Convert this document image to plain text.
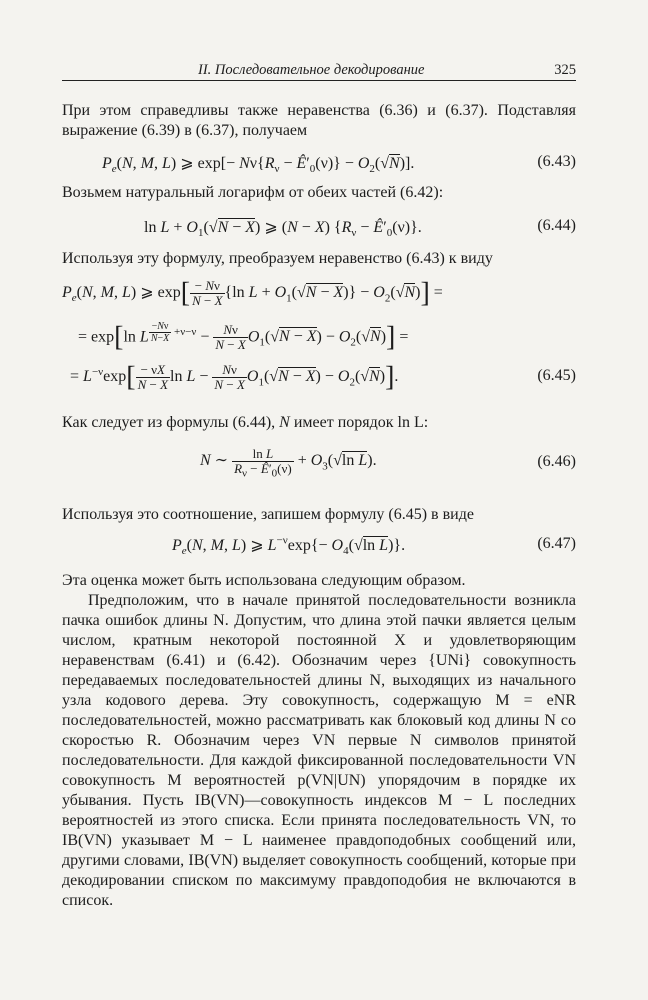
II. Последовательное декодирование	325

При этом справедливы также неравенства (6.36) и (6.37). Подставляя выражение (6.39) в (6.37), получаем

$P_e(N$, M, L) ⩾ $\exp[- N\nu\{R_\nu$ − $Ê'_0(\nu)\} - O_2(√N)$].	(6.43)

Возьмем натуральный логарифм от обеих частей (6.42):

$\ln L + O_1(√N - X)$ ⩾ (N − X) {$R_\nu$ − $Ê'_0(\nu)$}.	(6.44)

Используя эту формулу, преобразуем неравенство (6.43) к виду

$P_e(N$, M, L) ⩾ $\exp[ \frac{- N\nu}{N - X} \{\ln$ $L + O_1(√N - X)\} - O_2(√N)$] =
= exp[ln L $^{\frac{-N\nu}{N-X} +\nu-\nu} - \frac{N\nu}{N - X} O_1(√N - X) - O_2(√N)$] =
= $L^{-\nu}\exp[ \frac{- \nu X}{N - X}$ $\ln L - \frac{N\nu}{N - X} O_1(√N - X) - O_2(√N)$].	(6.45)

Как следует из формулы (6.44), N имеет порядок ln L:

N ∼ $\frac{\text{ln L}}{R_\nu - Ê'_0(\nu)} + O_3(√\ln$ L).	(6.46)

Используя это соотношение, запишем формулу (6.45) в виде

$P_e(N$, M, L) ⩾ $L^{-\nu}\exp\{- O_4(√\ln$ L)}.	(6.47)

Эта оценка может быть использована следующим образом.

Предположим, что в начале принятой последовательности возникла пачка ошибок длины N. Допустим, что длина этой пачки является целым числом, кратным некоторой постоянной X и удовлетворяющим неравенствам (6.41) и (6.42). Обозначим через {UNi} совокупность передаваемых последовательностей длины N, выходящих из начального узла кодового дерева. Эту совокупность, содержащую M = eNR последовательностей, можно рассматривать как блоковый код длины N со скоростью R. Обозначим через VN первые N символов принятой последовательности. Для каждой фиксированной последовательности VN совокупность M вероятностей p(VN|UN) упорядочим в порядке их убывания. Пусть IB(VN)—совокупность индексов M − L последних вероятностей из этого списка. Если принята последовательность VN, то IB(VN) указывает M − L наименее правдоподобных сообщений или, другими словами, IB(VN) выделяет совокупность сообщений, которые при декодировании списком по максимуму правдоподобия не включаются в список.
